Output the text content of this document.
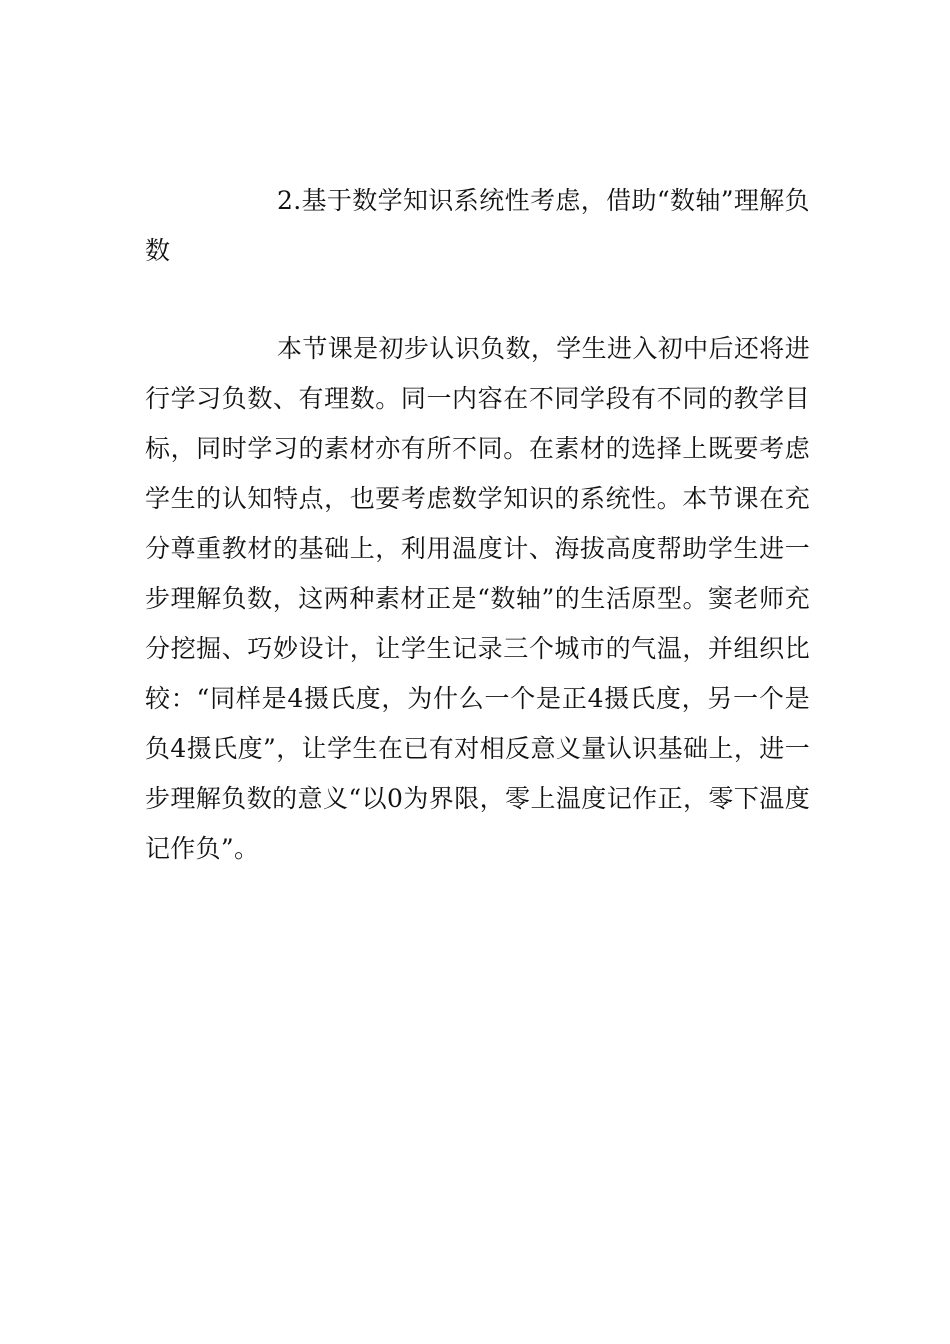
2.基于数学知识系统性考虑，借助“数轴”理解负数

本节课是初步认识负数，学生进入初中后还将进行学习负数、有理数。同一内容在不同学段有不同的教学目标，同时学习的素材亦有所不同。在素材的选择上既要考虑学生的认知特点，也要考虑数学知识的系统性。本节课在充分尊重教材的基础上，利用温度计、海拔高度帮助学生进一步理解负数，这两种素材正是“数轴”的生活原型。窦老师充分挖掘、巧妙设计，让学生记录三个城市的气温，并组织比较：“同样是4摄氏度，为什么一个是正4摄氏度，另一个是负4摄氏度”，让学生在已有对相反意义量认识基础上，进一步理解负数的意义“以0为界限，零上温度记作正，零下温度记作负”。
